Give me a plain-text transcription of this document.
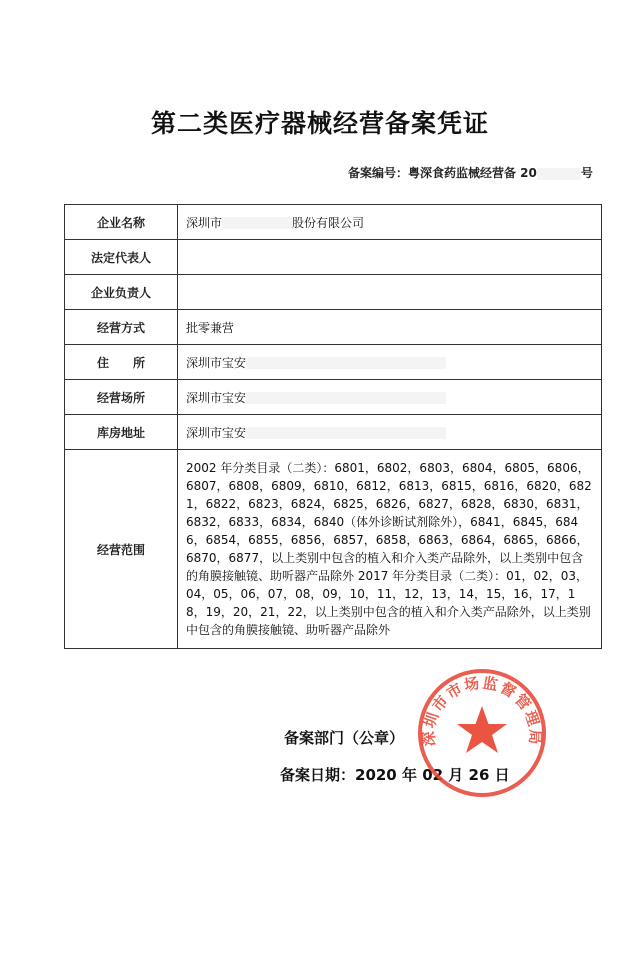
第二类医疗器械经营备案凭证
备案编号：粤深食药监械经营备 20	号
企业名称	深圳市 股份有限公司
法定代表人	
企业负责人	
经营方式	批零兼营
住　　所	深圳市宝安
经营场所	深圳市宝安
库房地址	深圳市宝安
经营范围	2002 年分类目录（二类）：6801，6802，6803，6804，6805，6806，6807，6808，6809，6810，6812，6813，6815，6816，6820，6821，6822，6823，6824，6825，6826，6827，6828，6830，6831，6832，6833，6834，6840（体外诊断试剂除外），6841，6845，6846，6854，6855，6856，6857，6858，6863，6864，6865，6866，6870，6877，以上类别中包含的植入和介入类产品除外，以上类别中包含的角膜接触镜、助听器产品除外 2017 年分类目录（二类）：01，02，03，04，05，06，07，08，09，10，11，12，13，14，15，16，17，18，19，20，21，22，以上类别中包含的植入和介入类产品除外，以上类别中包含的角膜接触镜、助听器产品除外
备案部门（公章）
备案日期：2020 年 02 月 26 日
深圳市市场监督管理局
